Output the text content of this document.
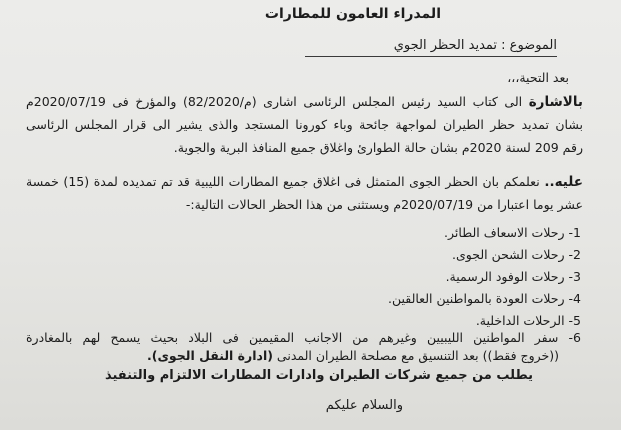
المدراء العامون للمطارات
الموضوع : تمديد الحظر الجوي
بعد التحية،،،
بالاشارة الى كتاب السيد رئيس المجلس الرئاسى اشارى (م/82/2020) والمؤرخ فى 2020/07/19م
بشان تمديد حظر الطيران لمواجهة جائحة وباء كورونا المستجد والذى يشير الى قرار المجلس الرئاسى
رقم 209 لسنة 2020م بشان حالة الطوارئ واغلاق جميع المنافذ البرية والجوية.
عليه.. نعلمكم بان الحظر الجوى المتمثل فى اغلاق جميع المطارات الليبية قد تم تمديده لمدة (15) خمسة
عشر يوما اعتبارا من 2020/07/19م ويستثنى من هذا الحظر الحالات التالية:-
1- رحلات الاسعاف الطائر.
2- رحلات الشحن الجوى.
3- رحلات الوفود الرسمية.
4- رحلات العودة بالمواطنين العالقين.
5- الرحلات الداخلية.
6- سفر المواطنين الليبيين وغيرهم من الاجانب المقيمين فى البلاد بحيث يسمح لهم بالمغادرة
((خروج فقط)) بعد التنسيق مع مصلحة الطيران المدنى (ادارة النقل الجوى).
يطلب من جميع شركات الطيران وادارات المطارات الالتزام والتنفيذ
والسلام عليكم
